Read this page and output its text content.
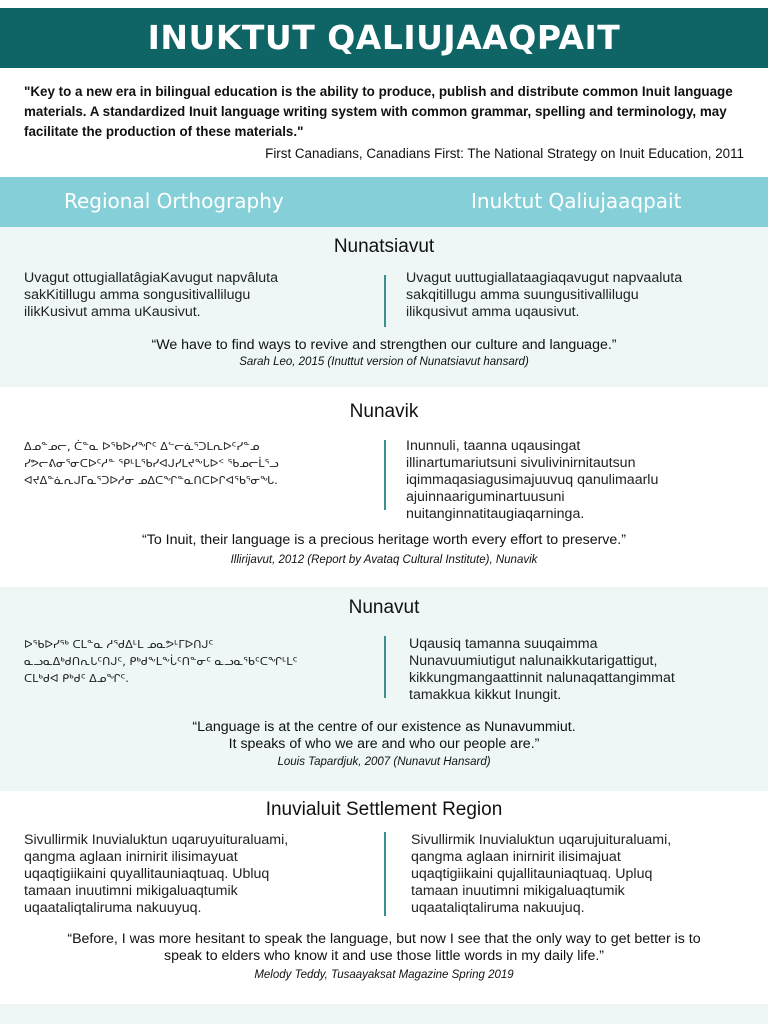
INUKTUT QALIUJAAQPAIT

"Key to a new era in bilingual education is the ability to produce, publish and distribute common Inuit language materials. A standardized Inuit language writing system with common grammar, spelling and terminology, may facilitate the production of these materials."

First Canadians, Canadians First: The National Strategy on Inuit Education, 2011

Regional Orthography	Inuktut Qaliujaaqpait
Nunatsiavut
Uvagut ottugiallatâgiaKavugut napvâluta
sakKitillugu amma songusitivallilugu
ilikKusivut amma uKausivut.
Uvagut uuttugiallataagiaqavugut napvaaluta
sakqitillugu amma suungusitivallilugu
ilikqusivut amma uqausivut.
“We have to find ways to revive and strengthen our culture and language.”
Sarah Leo, 2015 (Inuttut version of Nunatsiavut hansard)
Nunavik
ᐃᓄᓐᓄᓕ, ᑖᓐᓇ ᐅᖃᐅᓯᖏᑦ ᐃᓪᓕᓈᕐᑐᒪᕆᐅᑦᓯᓐᓄ
ᓯᕗᓕᕕᓂᕐᓂᑕᐅᑦᓱᓐ ᕿᒻᒪᖃᓯᐊᒍᓯᒪᔪᖕᒐᐅᑉ ᖃᓄᓕᒫᕐᓗ
ᐊᔪᐃᓐᓈᕆᒍᒥᓇᕐᑐᐅᓱᓂ ᓄᐃᑕᖏᓐᓇᑎᑕᐅᒋᐊᖃᕐᓂᖓ.
Inunnuli, taanna uqausingat
illinartumariutsuni sivulivinirnitautsun
iqimmaqasiagusimajuuvuq qanulimaarlu
ajuinnaariguminartuusuni
nuitanginnatitaugiaqarninga.
“To Inuit, their language is a precious heritage worth every effort to preserve.”
Illirijavut, 2012 (Report by Avataq Cultural Institute), Nunavik
Nunavut
ᐅᖃᐅᓯᖅ ᑕᒪᓐᓇ ᓱᖁᐃᒻᒪ ᓄᓇᕗᒻᒥᐅᑎᒍᑦ
ᓇᓗᓇᐃᒃᑯᑎᕆᒐᑦᑎᒍᑦ, ᑭᒃᑯᖕᒪᖕᒑᑦᑎᓐᓂᑦ ᓇᓗᓇᖃᑦᑕᖏᒻᒪᑦ
ᑕᒪᒃᑯᐊ ᑭᒃᑯᑦ ᐃᓄᖏᑦ.
Uqausiq tamanna suuqaimma
Nunavuumiutigut nalunaikkutarigattigut,
kikkungmangaattinnit nalunaqattangimmat
tamakkua kikkut Inungit.
“Language is at the centre of our existence as Nunavummiut.
It speaks of who we are and who our people are.”
Louis Tapardjuk, 2007 (Nunavut Hansard)
Inuvialuit Settlement Region
Sivullirmik Inuvialuktun uqaruyuituraluami,
qangma aglaan inirnirit ilisimayuat
uqaqtigiikaini quyallitauniaqtuaq. Ubluq
tamaan inuutimni mikigaluaqtumik
uqaataliqtaliruma nakuuyuq.
Sivullirmik Inuvialuktun uqarujuituraluami,
qangma aglaan inirnirit ilisimajuat
uqaqtigiikaini qujallitauniaqtuaq. Upluq
tamaan inuutimni mikigaluaqtumik
uqaataliqtaliruma nakuujuq.
“Before, I was more hesitant to speak the language, but now I see that the only way to get better is to
speak to elders who know it and use those little words in my daily life.”
Melody Teddy, Tusaayaksat Magazine Spring 2019
